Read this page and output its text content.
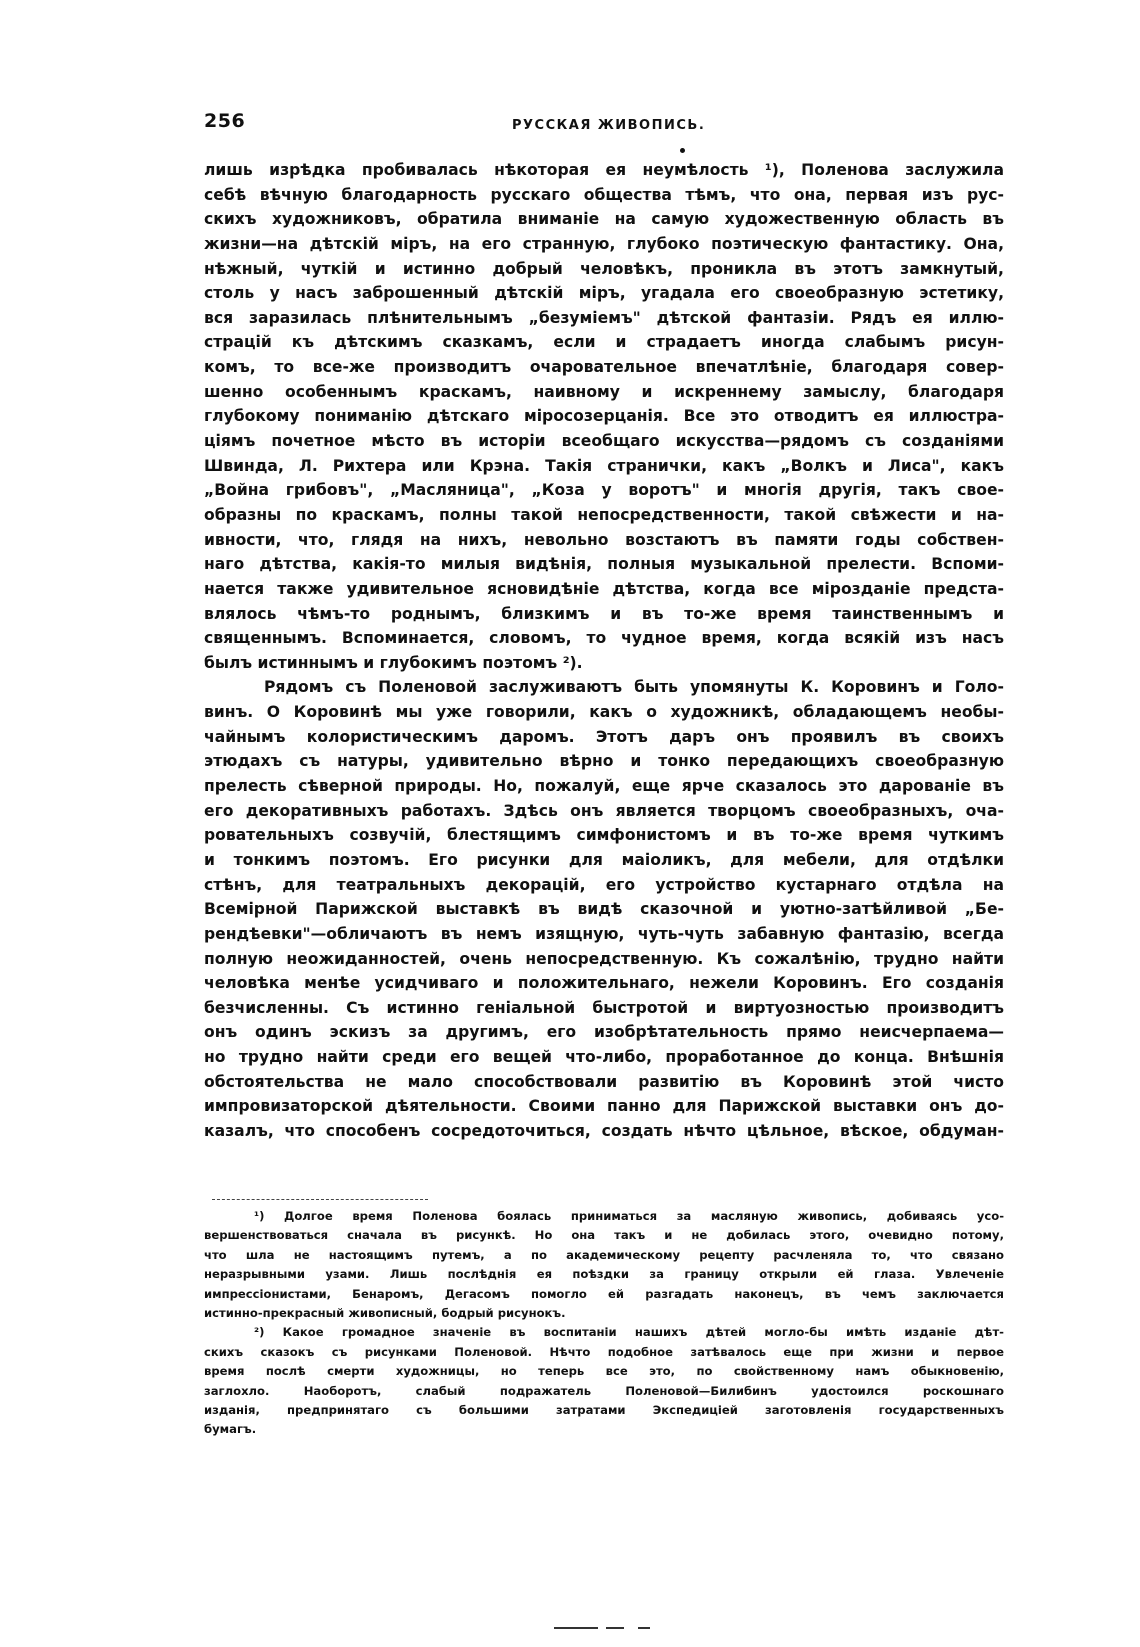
256	РУССКАЯ ЖИВОПИСЬ.
лишь изрѣдка пробивалась нѣкоторая ея неумѣлость ¹), Поленова заслужила
себѣ вѣчную благодарность русскаго общества тѣмъ, что она, первая изъ рус-
скихъ художниковъ, обратила вниманіе на самую художественную область въ
жизни—на дѣтскій міръ, на его странную, глубоко поэтическую фантастику. Она,
нѣжный, чуткій и истинно добрый человѣкъ, проникла въ этотъ замкнутый,
столь у насъ заброшенный дѣтскій міръ, угадала его своеобразную эстетику,
вся заразилась плѣнительнымъ „безуміемъ" дѣтской фантазіи. Рядъ ея иллю-
страцій къ дѣтскимъ сказкамъ, если и страдаетъ иногда слабымъ рисун-
комъ, то все-же производитъ очаровательное впечатлѣніе, благодаря совер-
шенно особеннымъ краскамъ, наивному и искреннему замыслу, благодаря
глубокому пониманію дѣтскаго міросозерцанія. Все это отводитъ ея иллюстра-
ціямъ почетное мѣсто въ исторіи всеобщаго искусства—рядомъ съ созданіями
Швинда, Л. Рихтера или Крэна. Такія странички, какъ „Волкъ и Лиса", какъ
„Война грибовъ", „Масляница", „Коза у воротъ" и многія другія, такъ свое-
образны по краскамъ, полны такой непосредственности, такой свѣжести и на-
ивности, что, глядя на нихъ, невольно возстаютъ въ памяти годы собствен-
наго дѣтства, какія-то милыя видѣнія, полныя музыкальной прелести. Вспоми-
нается также удивительное ясновидѣніе дѣтства, когда все мірозданіе предста-
влялось чѣмъ-то роднымъ, близкимъ и въ то-же время таинственнымъ и
священнымъ. Вспоминается, словомъ, то чудное время, когда всякій изъ насъ
былъ истиннымъ и глубокимъ поэтомъ ²).
Рядомъ съ Поленовой заслуживаютъ быть упомянуты К. Коровинъ и Голо-
винъ. О Коровинѣ мы уже говорили, какъ о художникѣ, обладающемъ необы-
чайнымъ колористическимъ даромъ. Этотъ даръ онъ проявилъ въ своихъ
этюдахъ съ натуры, удивительно вѣрно и тонко передающихъ своеобразную
прелесть сѣверной природы. Но, пожалуй, еще ярче сказалось это дарованіе въ
его декоративныхъ работахъ. Здѣсь онъ является творцомъ своеобразныхъ, оча-
ровательныхъ созвучій, блестящимъ симфонистомъ и въ то-же время чуткимъ
и тонкимъ поэтомъ. Его рисунки для маіоликъ, для мебели, для отдѣлки
стѣнъ, для театральныхъ декорацій, его устройство кустарнаго отдѣла на
Всемірной Парижской выставкѣ въ видѣ сказочной и уютно-затѣйливой „Бе-
рендѣевки"—обличаютъ въ немъ изящную, чуть-чуть забавную фантазію, всегда
полную неожиданностей, очень непосредственную. Къ сожалѣнію, трудно найти
человѣка менѣе усидчиваго и положительнаго, нежели Коровинъ. Его созданія
безчисленны. Съ истинно геніальной быстротой и виртуозностью производитъ
онъ одинъ эскизъ за другимъ, его изобрѣтательность прямо неисчерпаема—
но трудно найти среди его вещей что-либо, проработанное до конца. Внѣшнія
обстоятельства не мало способствовали развитію въ Коровинѣ этой чисто
импровизаторской дѣятельности. Своими панно для Парижской выставки онъ до-
казалъ, что способенъ сосредоточиться, создать нѣчто цѣльное, вѣское, обдуман-
¹) Долгое время Поленова боялась приниматься за масляную живопись, добиваясь усо-
вершенствоваться сначала въ рисункѣ. Но она такъ и не добилась этого, очевидно потому,
что шла не настоящимъ путемъ, а по академическому рецепту расчленяла то, что связано
неразрывными узами. Лишь послѣднія ея поѣздки за границу открыли ей глаза. Увлеченіе
импрессіонистами, Бенаромъ, Дегасомъ помогло ей разгадать наконецъ, въ чемъ заключается
истинно-прекрасный живописный, бодрый рисунокъ.
²) Какое громадное значеніе въ воспитаніи нашихъ дѣтей могло-бы имѣть изданіе дѣт-
скихъ сказокъ съ рисунками Поленовой. Нѣчто подобное затѣвалось еще при жизни и первое
время послѣ смерти художницы, но теперь все это, по свойственному намъ обыкновенію,
заглохло. Наоборотъ, слабый подражатель Поленовой—Билибинъ удостоился роскошнаго
изданія, предпринятаго съ большими затратами Экспедиціей заготовленія государственныхъ
бумагъ.
